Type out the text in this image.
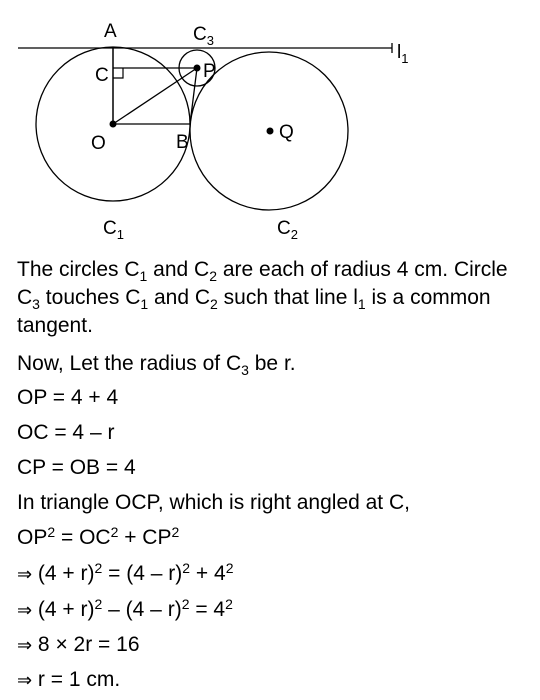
A
C
O	B
P
Q
$C_3$
$l_1$
$C_1$	$C_2$
The circles $C_1$ and $C_2$ are each of radius 4 cm. Circle $C_3$ touches $C_1$ and $C_2$ such that line $l_1$ is a common tangent.
Now, Let the radius of $C_3$ be r.
OP = 4 + 4
OC = 4 – r
CP = OB = 4
In triangle OCP, which is right angled at C,
$OP^2 = OC^2 + CP^2$
⇒ $(4 + r)^2 = (4 - r)^2 + 4^2$
⇒ $(4 + r)^2 - (4 - r)^2 = 4^2$
⇒ 8 × 2r = 16
⇒ r = 1 cm.
